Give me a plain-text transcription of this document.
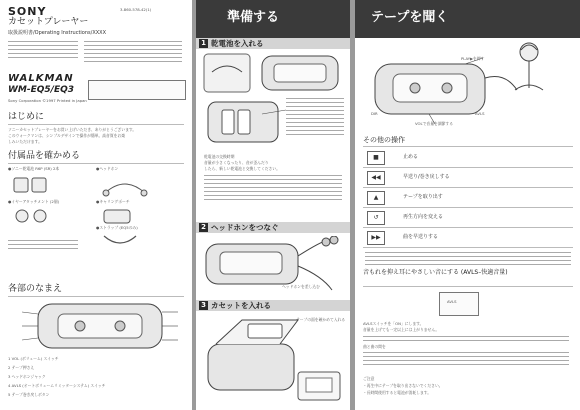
SONY	3-860-578-42(1)
カセットプレーヤー
取扱説明書/Operating Instructions/XXXX
WALKMAN
WM-EQ5/EQ3
Sony Corporation ©1997 Printed in Japan
はじめに
ソニーカセットプレーヤーをお買い上げいただき、ありがとうございます。
このウォークマンは、シンプルデザインで操作が簡単。高音質をお楽
しみいただけます。
付属品を確かめる
●ソニー乾電池 R6P (SR) 2本	●ヘッドホン
●イヤーアタッチメント (2個)	●キャリングポーチ
●ストラップ (EQ5のみ)
各部のなまえ
1 VOL (ボリューム) スイッチ
2 テープ押さえ
3 ヘッドホンジャック
4 AVLS (オートボリュームリミッターシステム) スイッチ
5 テープ巻き戻しボタン
準備する
1 乾電池を入れる
乾電池の交換時期
音量が小さくなったり、音が歪んだり
したら、新しい乾電池と交換してください。
2 ヘッドホンをつなぐ
ヘッドホンを差し込む
3 カセットを入れる
テープの面を確かめて入れる
テープを聞く
PLAY▶を押す
AVLS
VOLで音量を調節する
DIR
その他の操作
■	止める
◀◀	早送り/巻き戻しする
▲	テープを取り出す
↺	再生方向を変える
▶▶	曲を早送りする
音もれを抑え耳にやさしい音にする (AVLS–快適音量)
AVLS
AVLSスイッチを「ON」にします。
音量を上げても一定以上には上がりません。
曲と曲の間を
ご注意
・再生中にテープを取り出さないでください。
・長時間使用すると電池が消耗します。
